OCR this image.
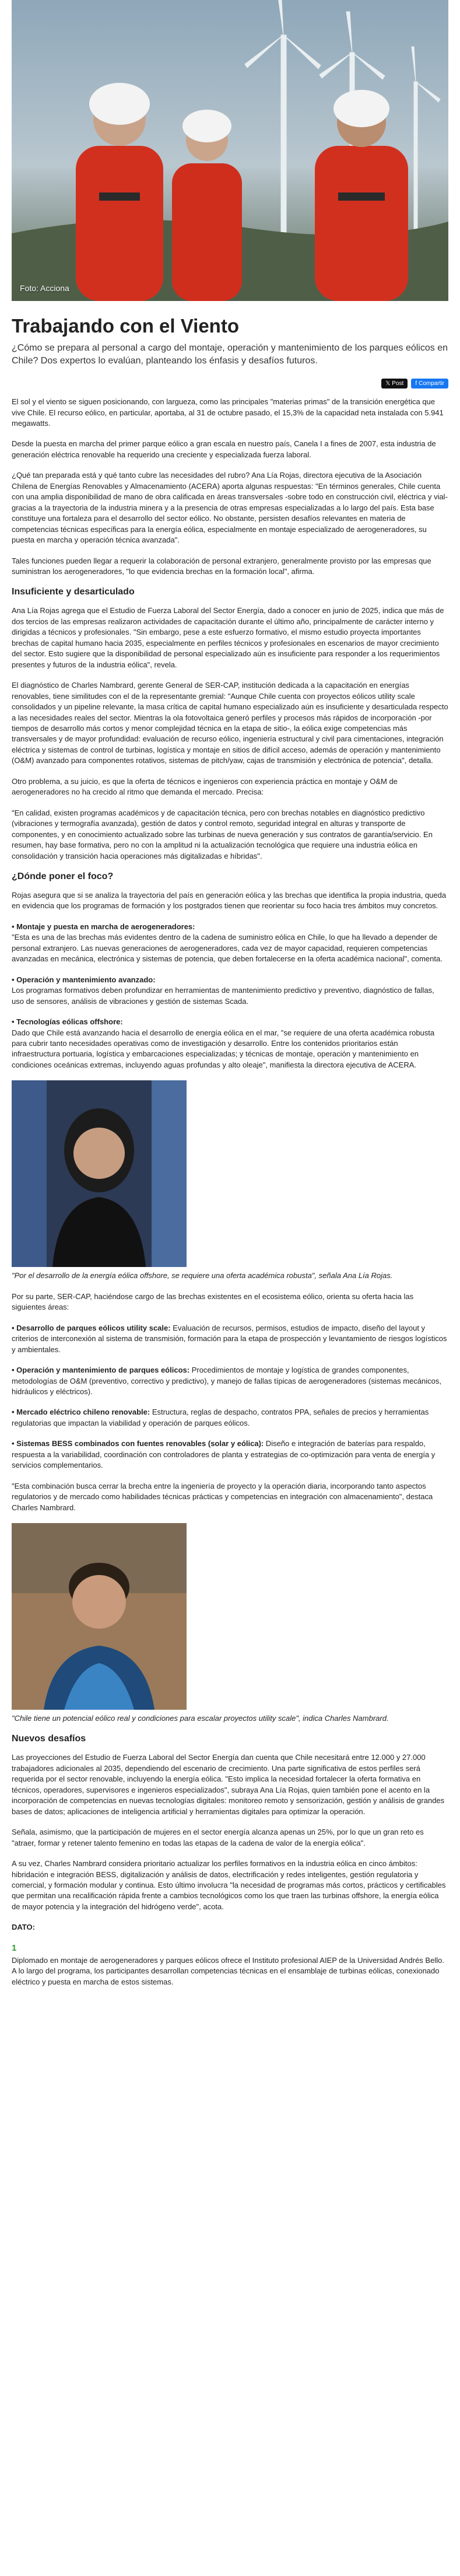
Foto: Acciona
Trabajando con el Viento

¿Cómo se prepara al personal a cargo del montaje, operación y mantenimiento de los parques eólicos en Chile? Dos expertos lo evalúan, planteando los énfasis y desafíos futuros.

𝕏 Post f Compartir

El sol y el viento se siguen posicionando, con largueza, como las principales "materias primas" de la transición energética que vive Chile. El recurso eólico, en particular, aportaba, al 31 de octubre pasado, el 15,3% de la capacidad neta instalada con 5.941 megawatts.

Desde la puesta en marcha del primer parque eólico a gran escala en nuestro país, Canela I a fines de 2007, esta industria de generación eléctrica renovable ha requerido una creciente y especializada fuerza laboral.

¿Qué tan preparada está y qué tanto cubre las necesidades del rubro? Ana Lía Rojas, directora ejecutiva de la Asociación Chilena de Energías Renovables y Almacenamiento (ACERA) aporta algunas respuestas: "En términos generales, Chile cuenta con una amplia disponibilidad de mano de obra calificada en áreas transversales -sobre todo en construcción civil, eléctrica y vial- gracias a la trayectoria de la industria minera y a la presencia de otras empresas especializadas a lo largo del país. Esta base constituye una fortaleza para el desarrollo del sector eólico. No obstante, persisten desafíos relevantes en materia de competencias técnicas específicas para la energía eólica, especialmente en montaje especializado de aerogeneradores, su puesta en marcha y operación técnica avanzada".

Tales funciones pueden llegar a requerir la colaboración de personal extranjero, generalmente provisto por las empresas que suministran los aerogeneradores, "lo que evidencia brechas en la formación local", afirma.

Insuficiente y desarticulado

Ana Lía Rojas agrega que el Estudio de Fuerza Laboral del Sector Energía, dado a conocer en junio de 2025, indica que más de dos tercios de las empresas realizaron actividades de capacitación durante el último año, principalmente de carácter interno y dirigidas a técnicos y profesionales. "Sin embargo, pese a este esfuerzo formativo, el mismo estudio proyecta importantes brechas de capital humano hacia 2035, especialmente en perfiles técnicos y profesionales en escenarios de mayor crecimiento del sector. Esto sugiere que la disponibilidad de personal especializado aún es insuficiente para responder a los requerimientos presentes y futuros de la industria eólica", revela.

El diagnóstico de Charles Nambrard, gerente General de SER-CAP, institución dedicada a la capacitación en energías renovables, tiene similitudes con el de la representante gremial: "Aunque Chile cuenta con proyectos eólicos utility scale consolidados y un pipeline relevante, la masa crítica de capital humano especializado aún es insuficiente y desarticulada respecto a las necesidades reales del sector. Mientras la ola fotovoltaica generó perfiles y procesos más rápidos de incorporación -por tiempos de desarrollo más cortos y menor complejidad técnica en la etapa de sitio-, la eólica exige competencias más transversales y de mayor profundidad: evaluación de recurso eólico, ingeniería estructural y civil para cimentaciones, integración eléctrica y sistemas de control de turbinas, logística y montaje en sitios de difícil acceso, además de operación y mantenimiento (O&M) avanzado para componentes rotativos, sistemas de pitch/yaw, cajas de transmisión y electrónica de potencia", detalla.

Otro problema, a su juicio, es que la oferta de técnicos e ingenieros con experiencia práctica en montaje y O&M de aerogeneradores no ha crecido al ritmo que demanda el mercado. Precisa:

"En calidad, existen programas académicos y de capacitación técnica, pero con brechas notables en diagnóstico predictivo (vibraciones y termografía avanzada), gestión de datos y control remoto, seguridad integral en alturas y transporte de componentes, y en conocimiento actualizado sobre las turbinas de nueva generación y sus contratos de garantía/servicio. En resumen, hay base formativa, pero no con la amplitud ni la actualización tecnológica que requiere una industria eólica en consolidación y transición hacia operaciones más digitalizadas e híbridas".

¿Dónde poner el foco?

Rojas asegura que si se analiza la trayectoria del país en generación eólica y las brechas que identifica la propia industria, queda en evidencia que los programas de formación y los postgrados tienen que reorientar su foco hacia tres ámbitos muy concretos.

• Montaje y puesta en marcha de aerogeneradores:
"Esta es una de las brechas más evidentes dentro de la cadena de suministro eólica en Chile, lo que ha llevado a depender de personal extranjero. Las nuevas generaciones de aerogeneradores, cada vez de mayor capacidad, requieren competencias avanzadas en mecánica, electrónica y sistemas de potencia, que deben fortalecerse en la oferta académica nacional", comenta.

• Operación y mantenimiento avanzado:
Los programas formativos deben profundizar en herramientas de mantenimiento predictivo y preventivo, diagnóstico de fallas, uso de sensores, análisis de vibraciones y gestión de sistemas Scada.

• Tecnologías eólicas offshore:
Dado que Chile está avanzando hacia el desarrollo de energía eólica en el mar, "se requiere de una oferta académica robusta para cubrir tanto necesidades operativas como de investigación y desarrollo. Entre los contenidos prioritarios están infraestructura portuaria, logística y embarcaciones especializadas; y técnicas de montaje, operación y mantenimiento en condiciones oceánicas extremas, incluyendo aguas profundas y alto oleaje", manifiesta la directora ejecutiva de ACERA.

"Por el desarrollo de la energía eólica offshore, se requiere una oferta académica robusta", señala Ana Lía Rojas.

Por su parte, SER-CAP, haciéndose cargo de las brechas existentes en el ecosistema eólico, orienta su oferta hacia las siguientes áreas:

• Desarrollo de parques eólicos utility scale: Evaluación de recursos, permisos, estudios de impacto, diseño del layout y criterios de interconexión al sistema de transmisión, formación para la etapa de prospección y levantamiento de riesgos logísticos y ambientales.

• Operación y mantenimiento de parques eólicos: Procedimientos de montaje y logística de grandes componentes, metodologías de O&M (preventivo, correctivo y predictivo), y manejo de fallas típicas de aerogeneradores (sistemas mecánicos, hidráulicos y eléctricos).

• Mercado eléctrico chileno renovable: Estructura, reglas de despacho, contratos PPA, señales de precios y herramientas regulatorias que impactan la viabilidad y operación de parques eólicos.

• Sistemas BESS combinados con fuentes renovables (solar y eólica): Diseño e integración de baterías para respaldo, respuesta a la variabilidad, coordinación con controladores de planta y estrategias de co-optimización para venta de energía y servicios complementarios.

"Esta combinación busca cerrar la brecha entre la ingeniería de proyecto y la operación diaria, incorporando tanto aspectos regulatorios y de mercado como habilidades técnicas prácticas y competencias en integración con almacenamiento", destaca Charles Nambrard.

"Chile tiene un potencial eólico real y condiciones para escalar proyectos utility scale", indica Charles Nambrard.

Nuevos desafíos

Las proyecciones del Estudio de Fuerza Laboral del Sector Energía dan cuenta que Chile necesitará entre 12.000 y 27.000 trabajadores adicionales al 2035, dependiendo del escenario de crecimiento. Una parte significativa de estos perfiles será requerida por el sector renovable, incluyendo la energía eólica. "Esto implica la necesidad fortalecer la oferta formativa en técnicos, operadores, supervisores e ingenieros especializados", subraya Ana Lía Rojas, quien también pone el acento en la incorporación de competencias en nuevas tecnologías digitales: monitoreo remoto y sensorización, gestión y análisis de grandes bases de datos; aplicaciones de inteligencia artificial y herramientas digitales para optimizar la operación.

Señala, asimismo, que la participación de mujeres en el sector energía alcanza apenas un 25%, por lo que un gran reto es "atraer, formar y retener talento femenino en todas las etapas de la cadena de valor de la energía eólica".

A su vez, Charles Nambrard considera prioritario actualizar los perfiles formativos en la industria eólica en cinco ámbitos: hibridación e integración BESS, digitalización y análisis de datos, electrificación y redes inteligentes, gestión regulatoria y comercial, y formación modular y continua. Esto último involucra "la necesidad de programas más cortos, prácticos y certificables que permitan una recalificación rápida frente a cambios tecnológicos como los que traen las turbinas offshore, la energía eólica de mayor potencia y la integración del hidrógeno verde", acota.

DATO:

1

Diplomado en montaje de aerogeneradores y parques eólicos ofrece el Instituto profesional AIEP de la Universidad Andrés Bello. A lo largo del programa, los participantes desarrollan competencias técnicas en el ensamblaje de turbinas eólicas, conexionado eléctrico y puesta en marcha de estos sistemas.
